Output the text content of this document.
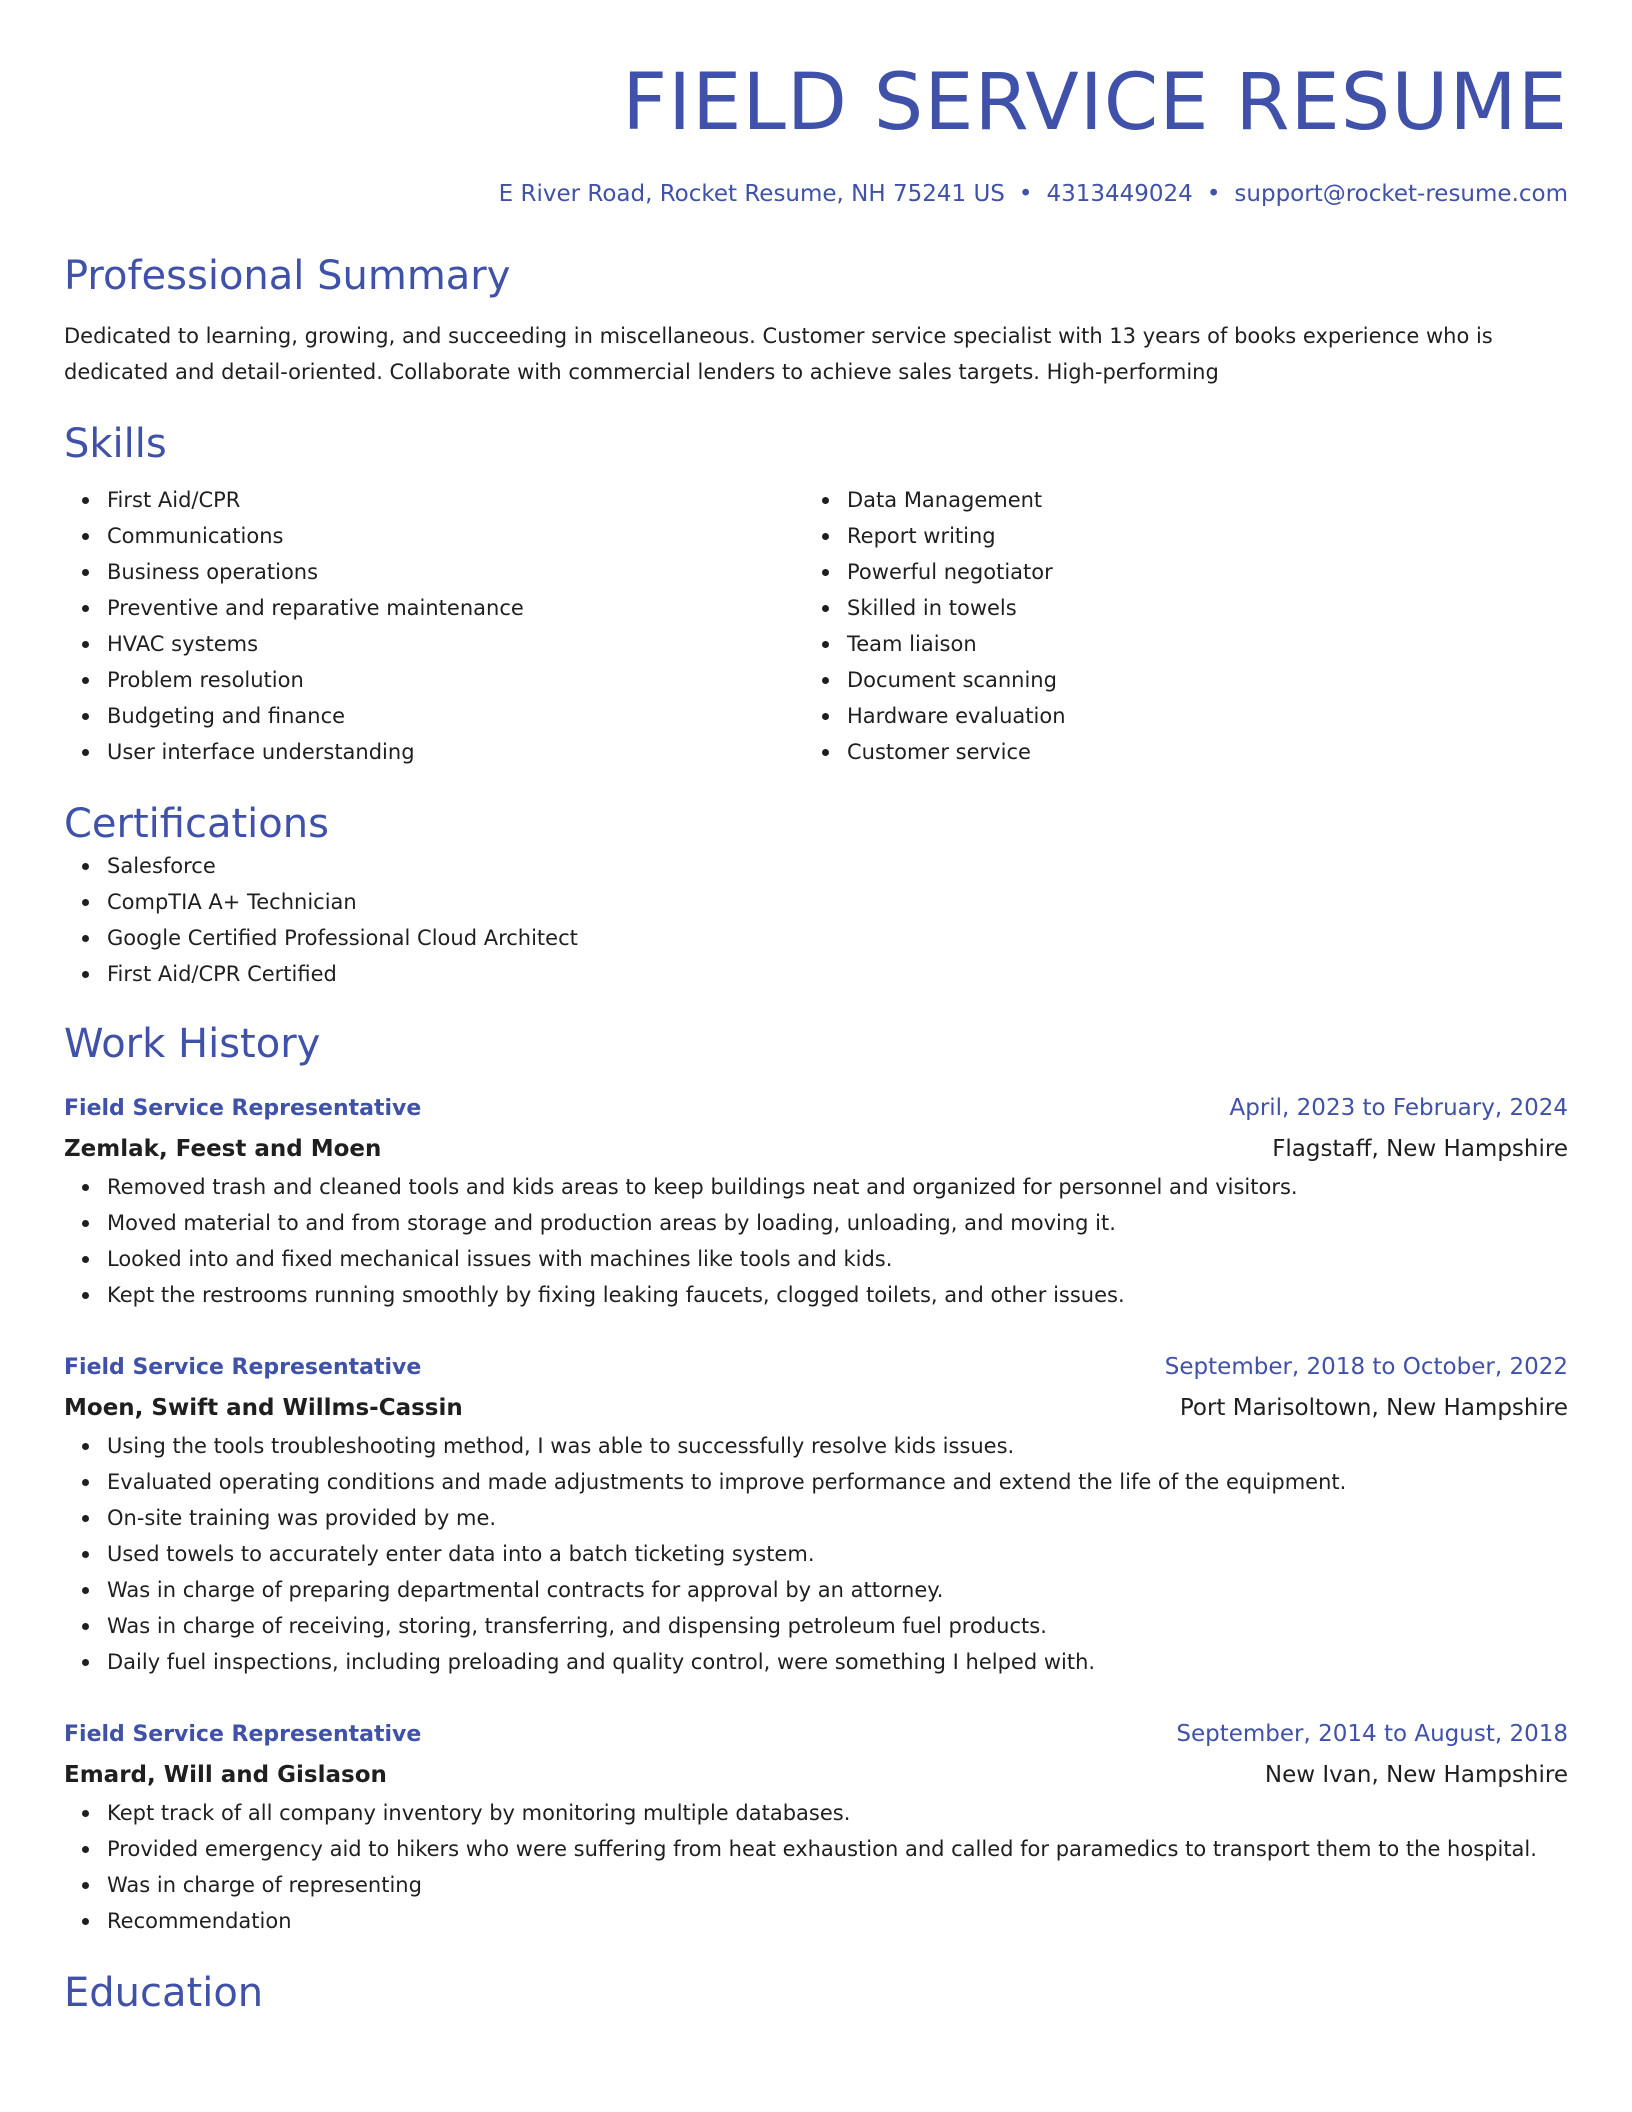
FIELD SERVICE RESUME
E River Road, Rocket Resume, NH 75241 US • 4313449024 • support@rocket-resume.com
Professional Summary
Dedicated to learning, growing, and succeeding in miscellaneous. Customer service specialist with 13 years of books experience who is dedicated and detail-oriented. Collaborate with commercial lenders to achieve sales targets. High-performing
Skills
First Aid/CPR
Communications
Business operations
Preventive and reparative maintenance
HVAC systems
Problem resolution
Budgeting and finance
User interface understanding
Data Management
Report writing
Powerful negotiator
Skilled in towels
Team liaison
Document scanning
Hardware evaluation
Customer service
Certifications
Salesforce
CompTIA A+ Technician
Google Certified Professional Cloud Architect
First Aid/CPR Certified
Work History
Field Service Representative	April, 2023 to February, 2024
Zemlak, Feest and Moen	Flagstaff, New Hampshire
Removed trash and cleaned tools and kids areas to keep buildings neat and organized for personnel and visitors.
Moved material to and from storage and production areas by loading, unloading, and moving it.
Looked into and fixed mechanical issues with machines like tools and kids.
Kept the restrooms running smoothly by fixing leaking faucets, clogged toilets, and other issues.
Field Service Representative	September, 2018 to October, 2022
Moen, Swift and Willms-Cassin	Port Marisoltown, New Hampshire
Using the tools troubleshooting method, I was able to successfully resolve kids issues.
Evaluated operating conditions and made adjustments to improve performance and extend the life of the equipment.
On-site training was provided by me.
Used towels to accurately enter data into a batch ticketing system.
Was in charge of preparing departmental contracts for approval by an attorney.
Was in charge of receiving, storing, transferring, and dispensing petroleum fuel products.
Daily fuel inspections, including preloading and quality control, were something I helped with.
Field Service Representative	September, 2014 to August, 2018
Emard, Will and Gislason	New Ivan, New Hampshire
Kept track of all company inventory by monitoring multiple databases.
Provided emergency aid to hikers who were suffering from heat exhaustion and called for paramedics to transport them to the hospital.
Was in charge of representing
Recommendation
Education
